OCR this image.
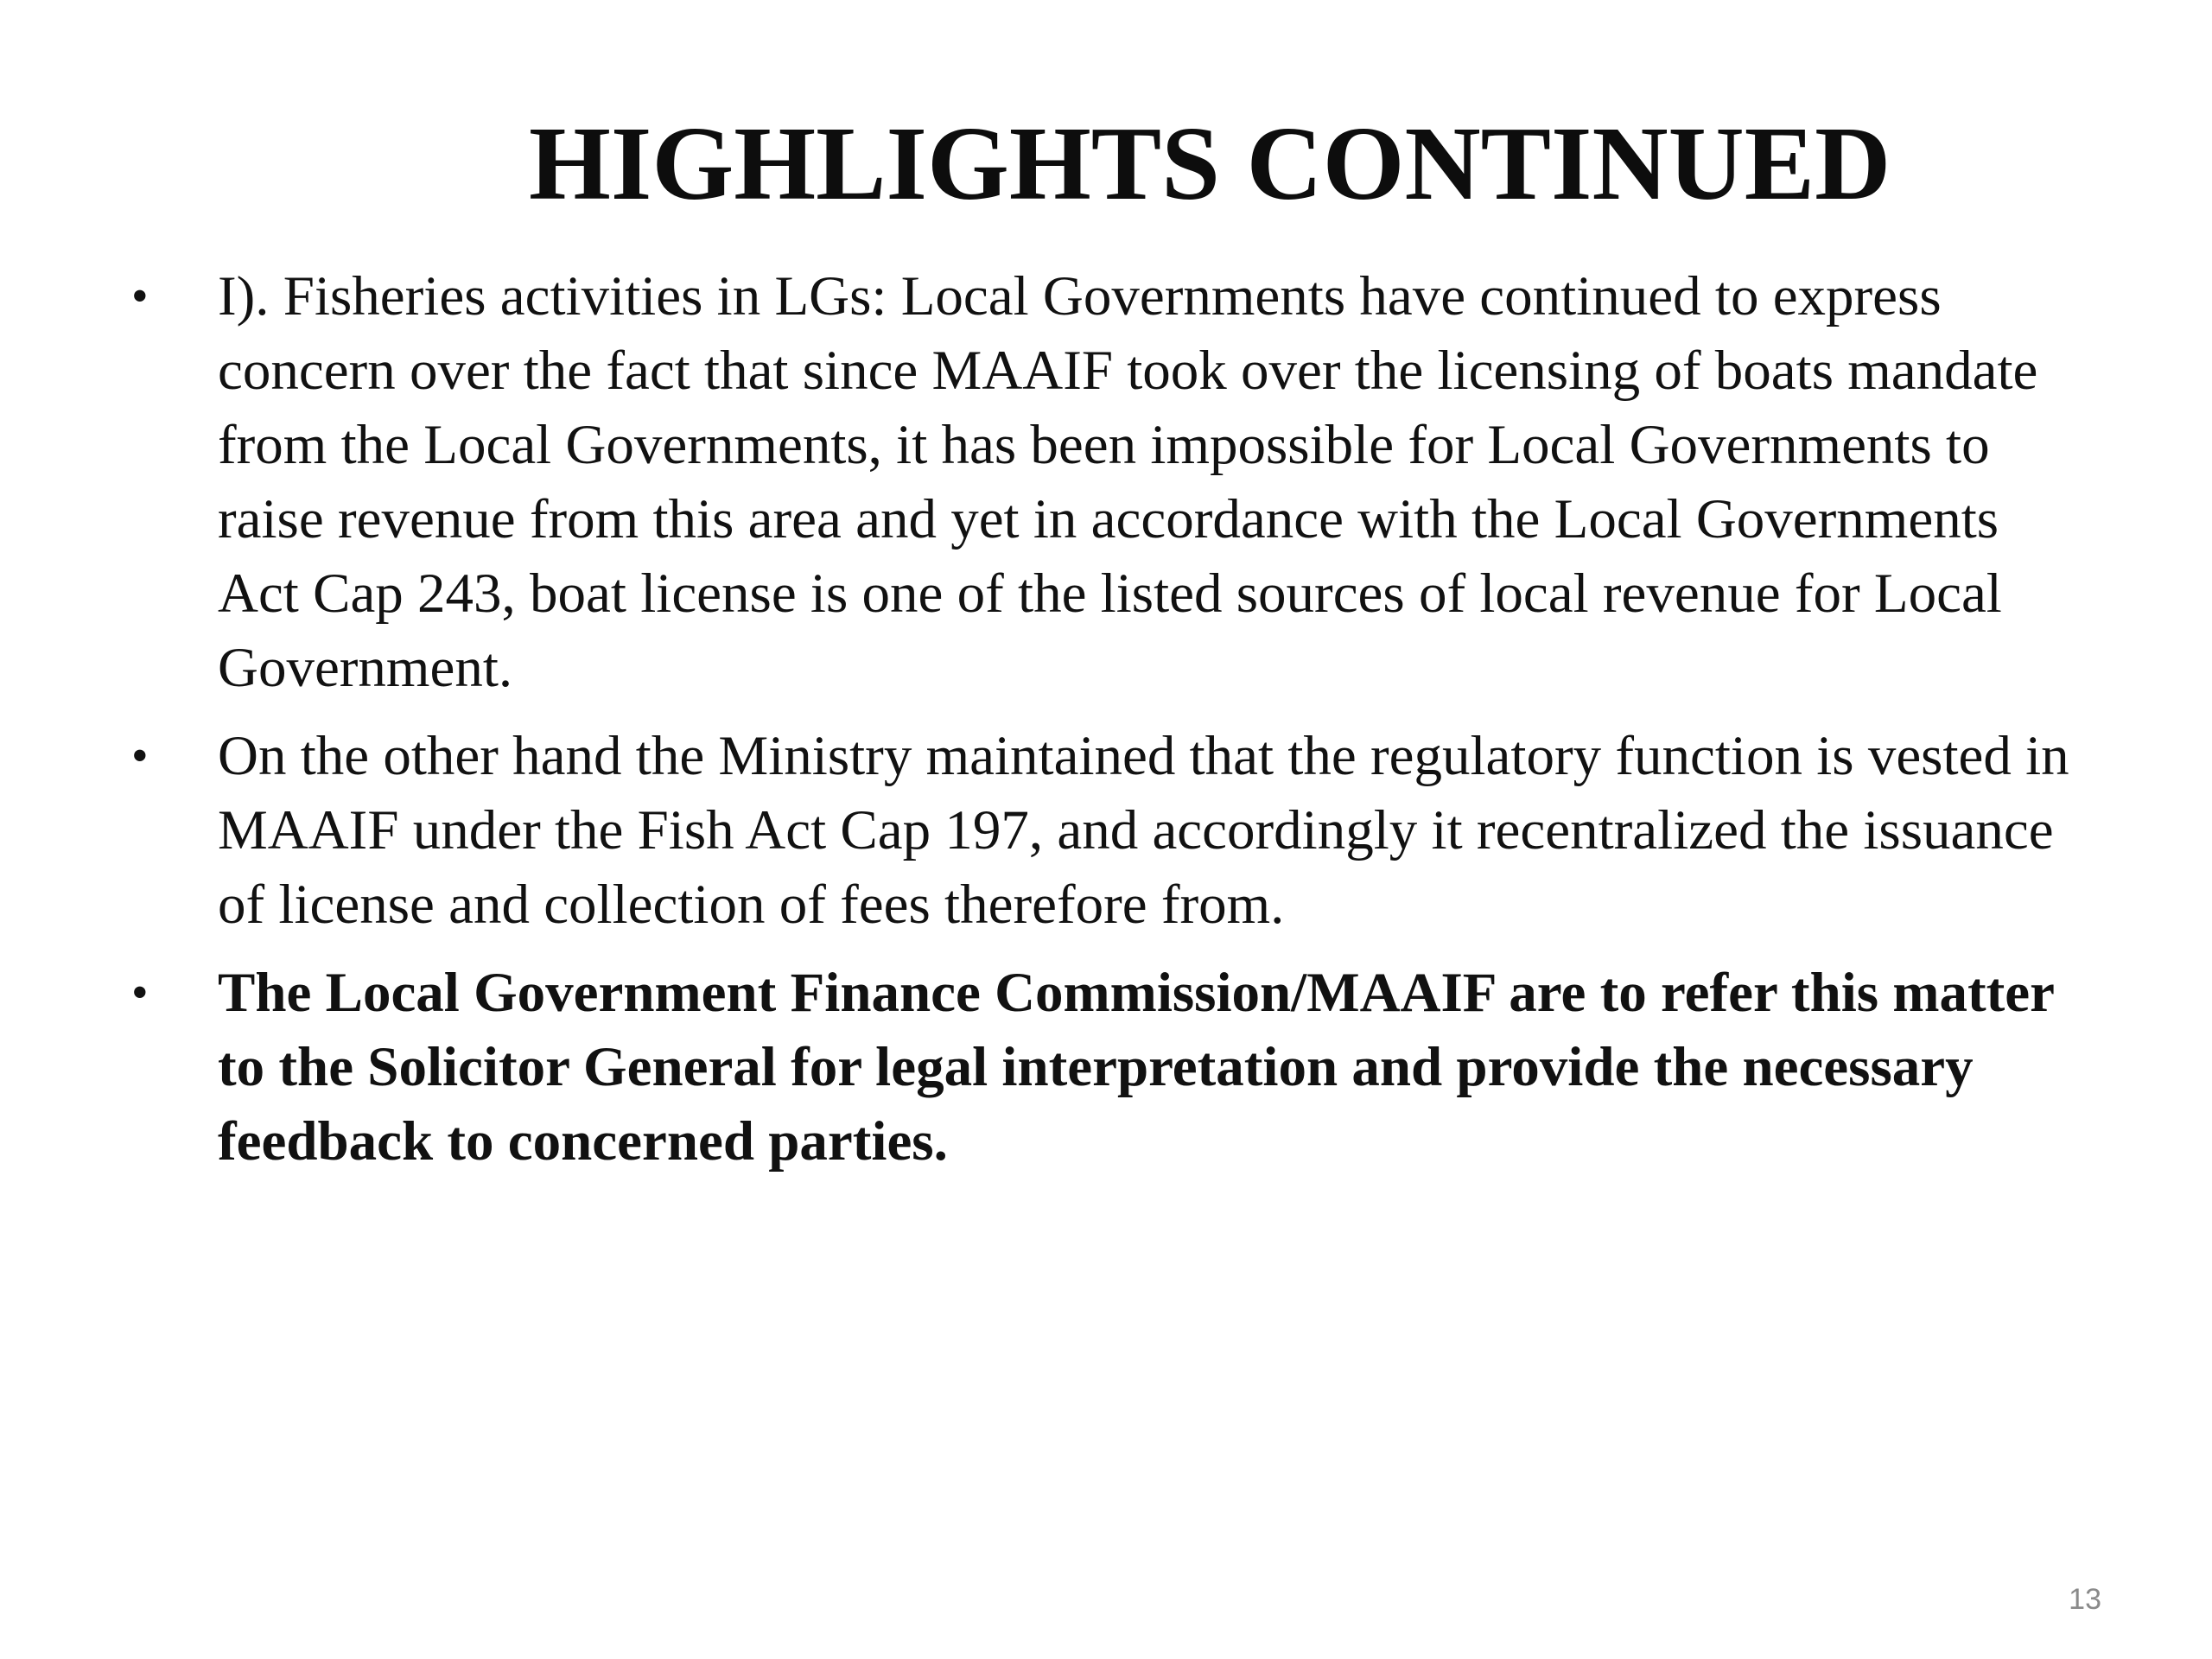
HIGHLIGHTS CONTINUED
• I). Fisheries activities in LGs: Local Governments have continued to express concern over the fact that since MAAIF took over the licensing of boats mandate from the Local Governments, it has been impossible for Local Governments to raise revenue from this area and yet in accordance with the Local Governments Act Cap 243, boat license is one of the listed sources of local revenue for Local Government.
• On the other hand the Ministry maintained that the regulatory function is vested in MAAIF under the Fish Act Cap 197, and accordingly it recentralized the issuance of license and collection of fees therefore from.
• The Local Government Finance Commission/MAAIF are to refer this matter to the Solicitor General for legal interpretation and provide the necessary feedback to concerned parties.
13
